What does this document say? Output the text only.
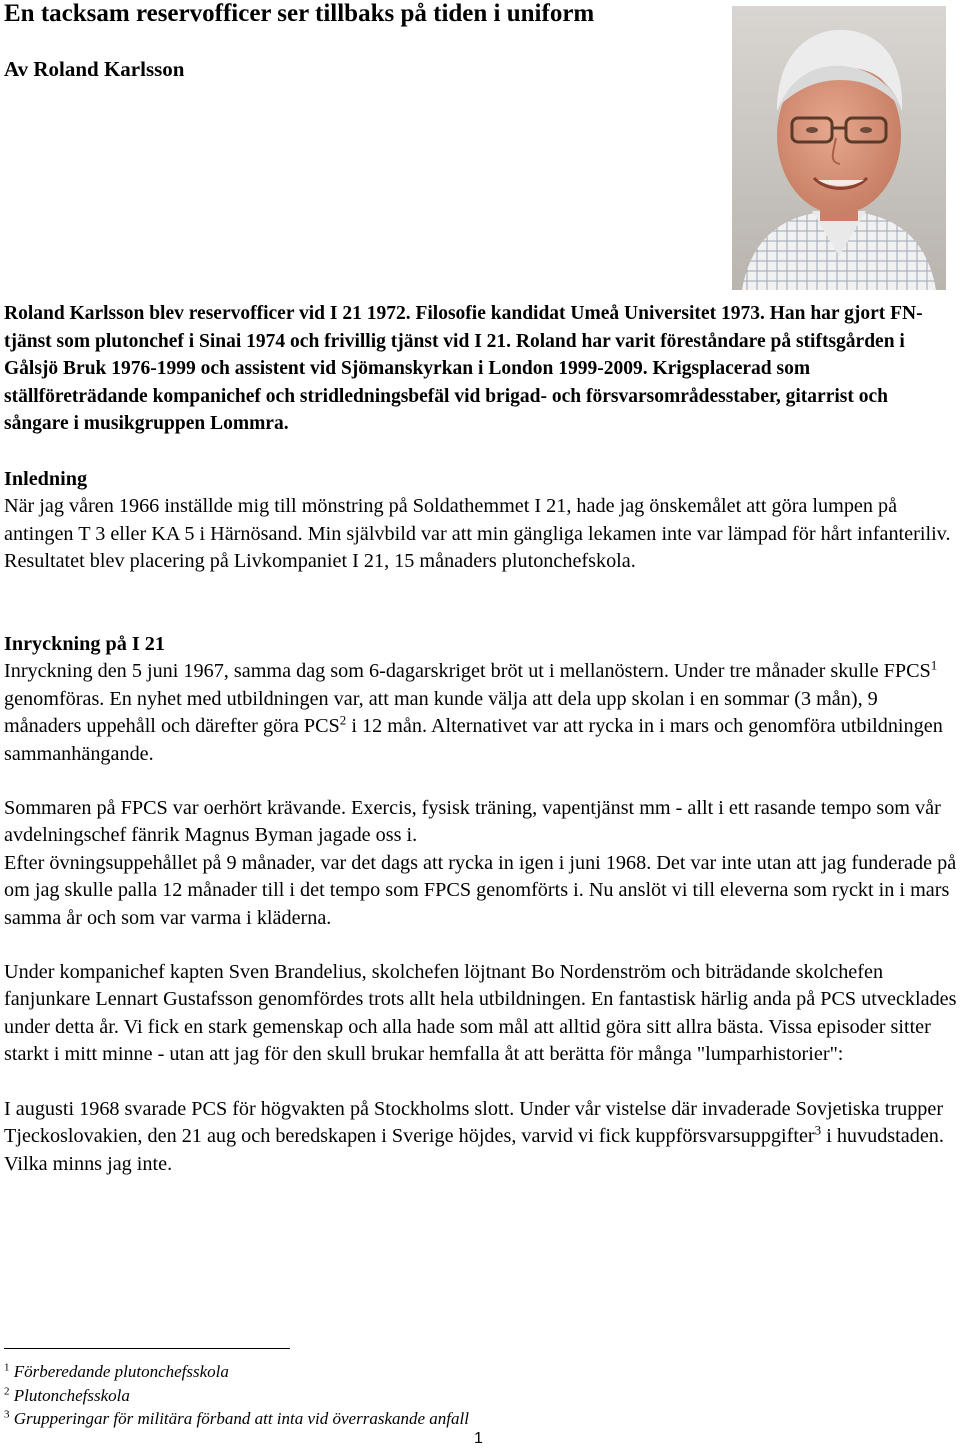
En tacksam reservofficer ser tillbaks på tiden i uniform
Av Roland Karlsson
Roland Karlsson blev reservofficer vid I 21 1972. Filosofie kandidat Umeå Universitet 1973. Han har gjort FN-tjänst som plutonchef i Sinai 1974 och frivillig tjänst vid I 21. Roland har varit föreståndare på stiftsgården i Gålsjö Bruk 1976-1999 och assistent vid Sjömanskyrkan i London 1999-2009. Krigsplacerad som ställföreträdande kompanichef och stridledningsbefäl vid brigad- och försvarsområdesstaber, gitarrist och sångare i musikgruppen Lommra.

Inledning

När jag våren 1966 inställde mig till mönstring på Soldathemmet I 21, hade jag önskemålet att göra lumpen på antingen T 3 eller KA 5 i Härnösand. Min självbild var att min gängliga lekamen inte var lämpad för hårt infanteriliv. Resultatet blev placering på Livkompaniet I 21, 15 månaders plutonchefskola.

Inryckning på I 21

Inryckning den 5 juni 1967, samma dag som 6-dagarskriget bröt ut i mellanöstern. Under tre månader skulle FPCS$^1$ genomföras. En nyhet med utbildningen var, att man kunde välja att dela upp skolan i en sommar (3 mån), 9 månaders uppehåll och därefter göra PCS$^2$ i 12 mån. Alternativet var att rycka in i mars och genomföra utbildningen sammanhängande.

Sommaren på FPCS var oerhört krävande. Exercis, fysisk träning, vapentjänst mm - allt i ett rasande tempo som vår avdelningschef fänrik Magnus Byman jagade oss i.

Efter övningsuppehållet på 9 månader, var det dags att rycka in igen i juni 1968. Det var inte utan att jag funderade på om jag skulle palla 12 månader till i det tempo som FPCS genomförts i. Nu anslöt vi till eleverna som ryckt in i mars samma år och som var varma i kläderna.

Under kompanichef kapten Sven Brandelius, skolchefen löjtnant Bo Nordenström och biträdande skolchefen fanjunkare Lennart Gustafsson genomfördes trots allt hela utbildningen. En fantastisk härlig anda på PCS utvecklades under detta år. Vi fick en stark gemenskap och alla hade som mål att alltid göra sitt allra bästa. Vissa episoder sitter starkt i mitt minne - utan att jag för den skull brukar hemfalla åt att berätta för många "lumparhistorier":

I augusti 1968 svarade PCS för högvakten på Stockholms slott. Under vår vistelse där invaderade Sovjetiska trupper Tjeckoslovakien, den 21 aug och beredskapen i Sverige höjdes, varvid vi fick kuppförsvarsuppgifter$^3$ i huvudstaden. Vilka minns jag inte.

$^1$ Förberedande plutonchefsskola
$^2$ Plutonchefsskola
$^3$ Grupperingar för militära förband att inta vid överraskande anfall
1
